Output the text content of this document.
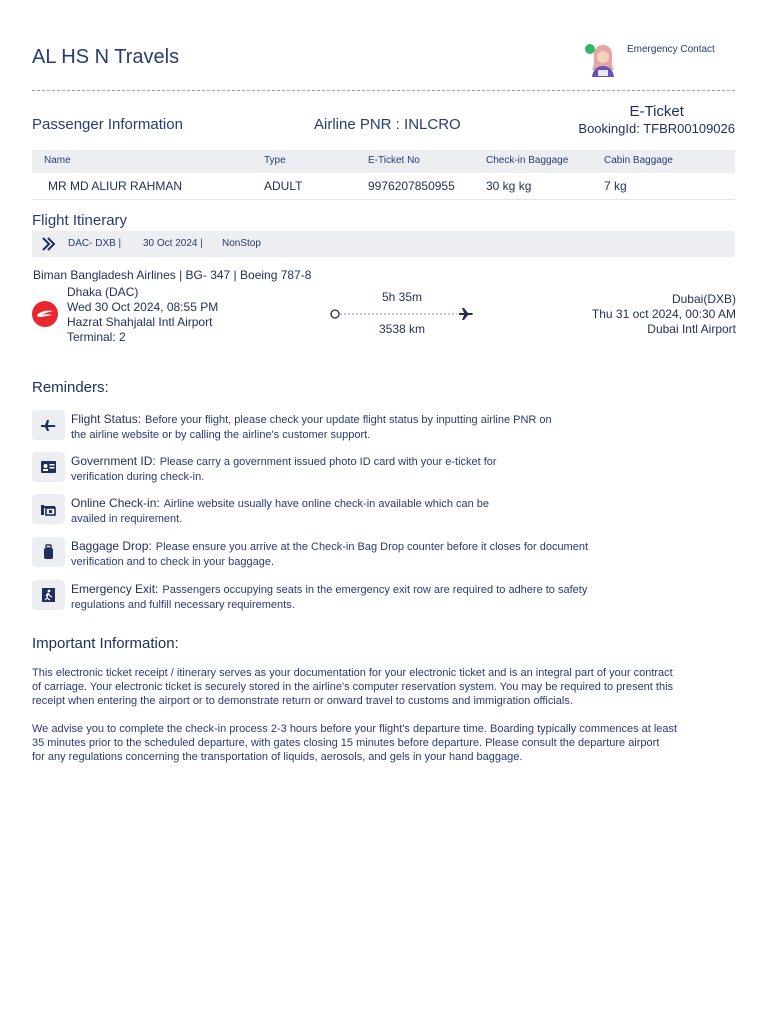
AL HS N Travels	Emergency Contact
Passenger Information	Airline PNR : INLCRO
E-Ticket
BookingId: TFBR00109026
Name	Type	E-Ticket No	Check-in Baggage	Cabin Baggage
MR MD ALIUR RAHMAN	ADULT	9976207850955	30 kg kg	7 kg
Flight Itinerary
DAC- DXB | 30 Oct 2024 | NonStop
Biman Bangladesh Airlines | BG- 347 | Boeing 787-8
Dhaka (DAC)
Wed 30 Oct 2024, 08:55 PM
Hazrat Shahjalal Intl Airport
Terminal: 2
5h 35m
3538 km
Dubai(DXB)
Thu 31 oct 2024, 00:30 AM
Dubai Intl Airport
Reminders:
Flight Status: Before your flight, please check your update flight status by inputting airline PNR on
the airline website or by calling the airline's customer support.
Government ID: Please carry a government issued photo ID card with your e-ticket for
verification during check-in.
Online Check-in: Airline website usually have online check-in available which can be
availed in requirement.
Baggage Drop: Please ensure you arrive at the Check-in Bag Drop counter before it closes for document
verification and to check in your baggage.
Emergency Exit: Passengers occupying seats in the emergency exit row are required to adhere to safety
regulations and fulfill necessary requirements.
Important Information:
This electronic ticket receipt / itinerary serves as your documentation for your electronic ticket and is an integral part of your contract
of carriage. Your electronic ticket is securely stored in the airline's computer reservation system. You may be required to present this
receipt when entering the airport or to demonstrate return or onward travel to customs and immigration officials.
We advise you to complete the check-in process 2-3 hours before your flight's departure time. Boarding typically commences at least
35 minutes prior to the scheduled departure, with gates closing 15 minutes before departure. Please consult the departure airport
for any regulations concerning the transportation of liquids, aerosols, and gels in your hand baggage.
